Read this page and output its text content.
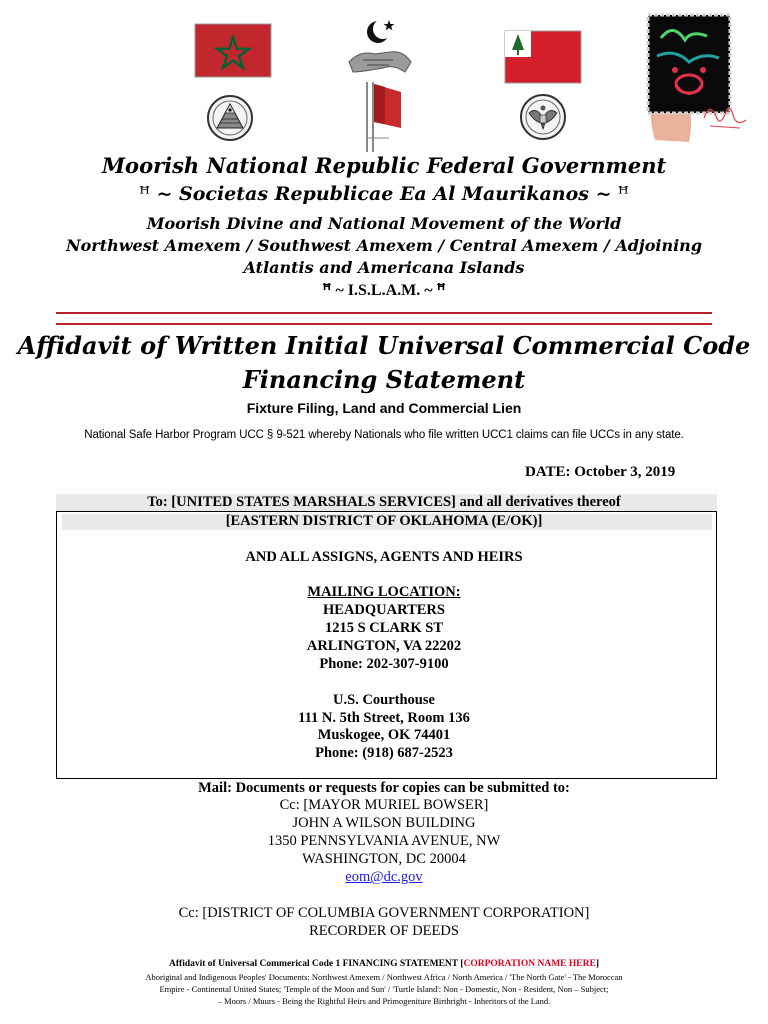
Moorish National Republic Federal Government
ꟸ ~ Societas Republicae Ea Al Maurikanos ~ ꟸ
Moorish Divine and National Movement of the World
Northwest Amexem / Southwest Amexem / Central Amexem / Adjoining
Atlantis and Americana Islands
ꟸ ~ I.S.L.A.M. ~ ꟸ
Affidavit of Written Initial Universal Commercial Code
Financing Statement
Fixture Filing, Land and Commercial Lien
National Safe Harbor Program UCC § 9-521 whereby Nationals who file written UCC1 claims can file UCCs in any state.
DATE: October 3, 2019
To: [UNITED STATES MARSHALS SERVICES] and all derivatives thereof
[EASTERN DISTRICT OF OKLAHOMA (E/OK)]
AND ALL ASSIGNS, AGENTS AND HEIRS
MAILING LOCATION:
HEADQUARTERS
1215 S CLARK ST
ARLINGTON, VA 22202
Phone: 202-307-9100
U.S. Courthouse
111 N. 5th Street, Room 136
Muskogee, OK 74401
Phone: (918) 687-2523
Mail: Documents or requests for copies can be submitted to:
Cc: [MAYOR MURIEL BOWSER]
JOHN A WILSON BUILDING
1350 PENNSYLVANIA AVENUE, NW
WASHINGTON, DC 20004
eom@dc.gov
Cc: [DISTRICT OF COLUMBIA GOVERNMENT CORPORATION]
RECORDER OF DEEDS
Affidavit of Universal Commerical Code 1 FINANCING STATEMENT [CORPORATION NAME HERE]
Aboriginal and Indigenous Peoples' Documents: Northwest Amexem / Northwest Africa / North America / 'The North Gate' - The Moroccan
Empire - Continental United States; 'Temple of the Moon and Sun' / 'Turtle Island': Non - Domestic, Non - Resident, Non – Subject;
– Moors / Muurs - Being the Rightful Heirs and Primogeniture Birthright - Inheritors of the Land.
